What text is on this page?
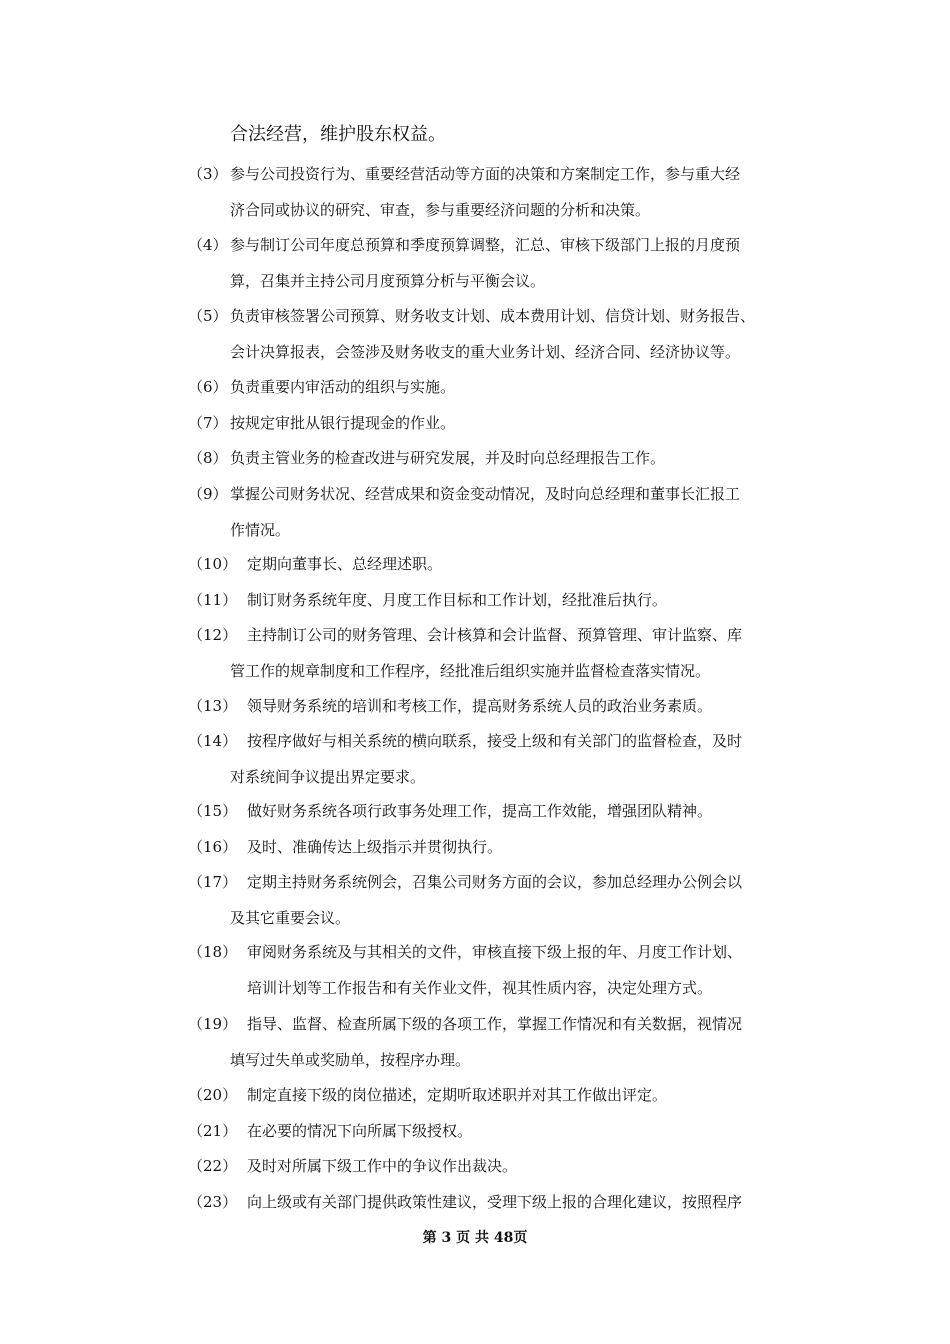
合法经营，维护股东权益。
（3） 参与公司投资行为、重要经营活动等方面的决策和方案制定工作，参与重大经
济合同或协议的研究、审查，参与重要经济问题的分析和决策。
（4） 参与制订公司年度总预算和季度预算调整，汇总、审核下级部门上报的月度预
算，召集并主持公司月度预算分析与平衡会议。
（5） 负责审核签署公司预算、财务收支计划、成本费用计划、信贷计划、财务报告、
会计决算报表，会签涉及财务收支的重大业务计划、经济合同、经济协议等。
（6） 负责重要内审活动的组织与实施。
（7） 按规定审批从银行提现金的作业。
（8） 负责主管业务的检查改进与研究发展，并及时向总经理报告工作。
（9） 掌握公司财务状况、经营成果和资金变动情况，及时向总经理和董事长汇报工
作情况。
（10） 定期向董事长、总经理述职。
（11） 制订财务系统年度、月度工作目标和工作计划，经批准后执行。
（12） 主持制订公司的财务管理、会计核算和会计监督、预算管理、审计监察、库
管工作的规章制度和工作程序，经批准后组织实施并监督检查落实情况。
（13） 领导财务系统的培训和考核工作，提高财务系统人员的政治业务素质。
（14） 按程序做好与相关系统的横向联系，接受上级和有关部门的监督检查，及时
对系统间争议提出界定要求。
（15） 做好财务系统各项行政事务处理工作，提高工作效能，增强团队精神。
（16） 及时、准确传达上级指示并贯彻执行。
（17） 定期主持财务系统例会，召集公司财务方面的会议，参加总经理办公例会以
及其它重要会议。
（18） 审阅财务系统及与其相关的文件，审核直接下级上报的年、月度工作计划、
培训计划等工作报告和有关作业文件，视其性质内容，决定处理方式。
（19） 指导、监督、检查所属下级的各项工作，掌握工作情况和有关数据，视情况
填写过失单或奖励单，按程序办理。
（20） 制定直接下级的岗位描述，定期听取述职并对其工作做出评定。
（21） 在必要的情况下向所属下级授权。
（22） 及时对所属下级工作中的争议作出裁决。
（23） 向上级或有关部门提供政策性建议，受理下级上报的合理化建议，按照程序
第 3 页 共 48页
